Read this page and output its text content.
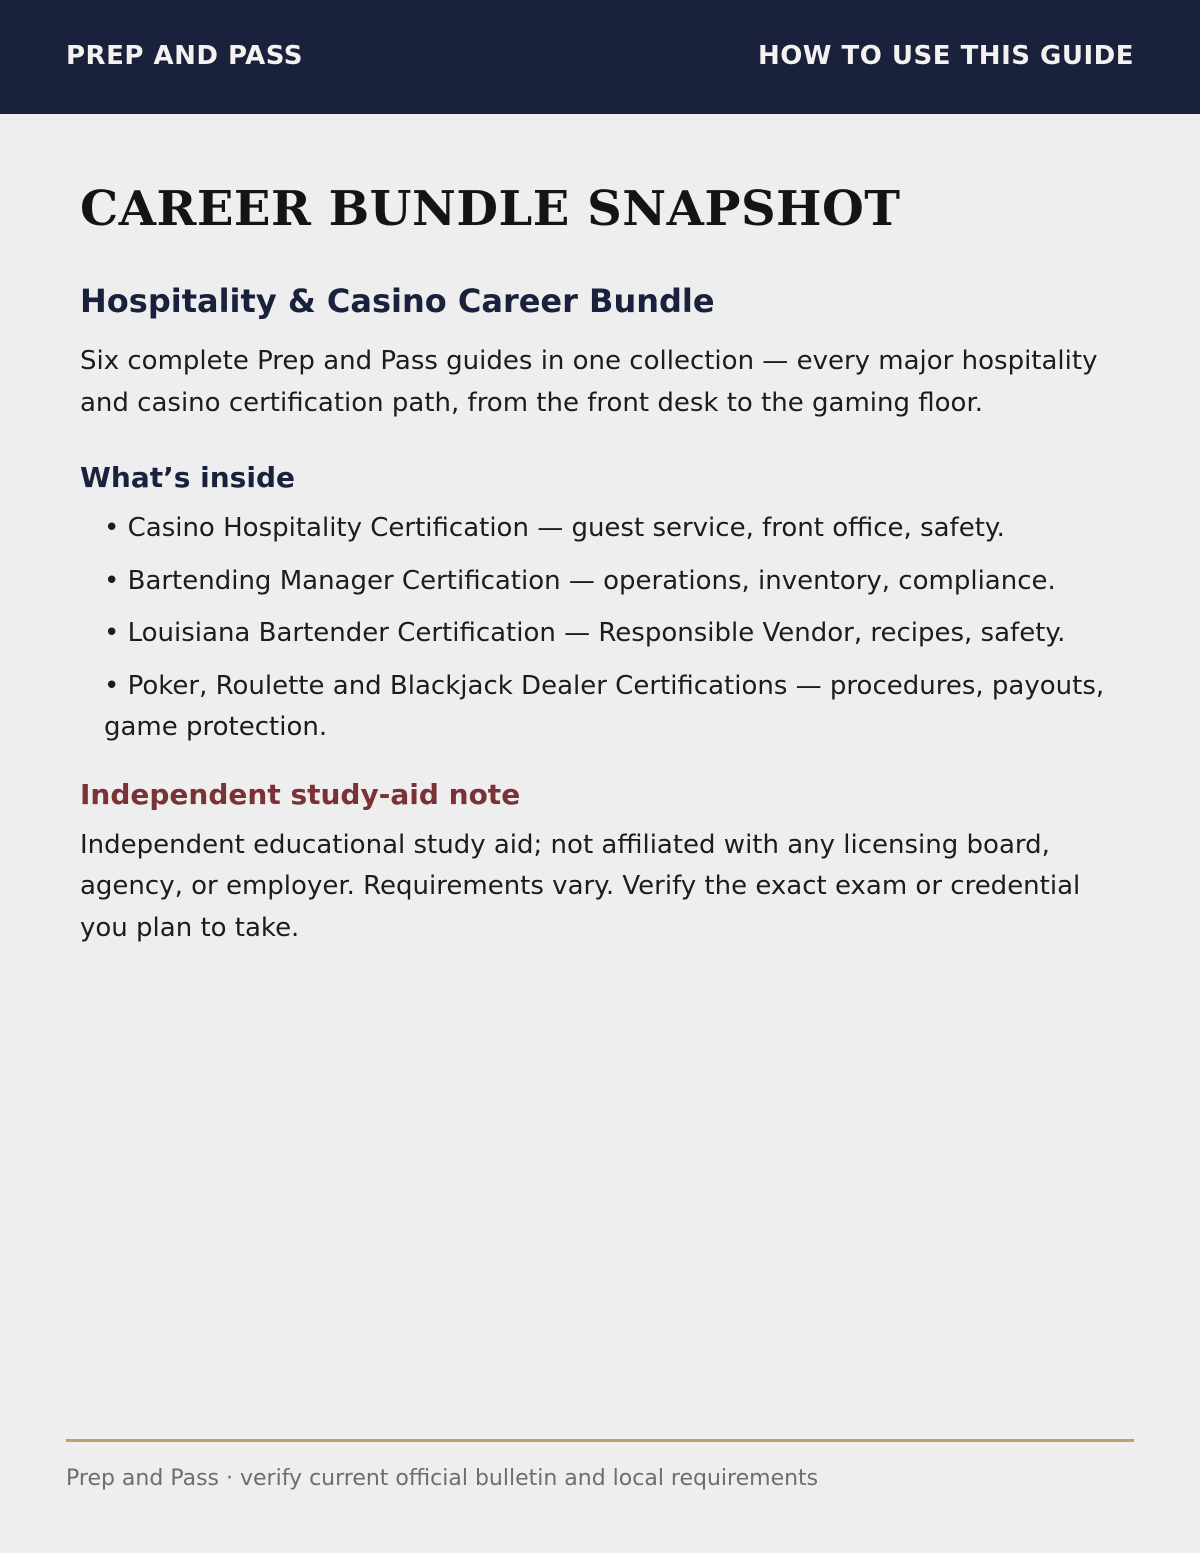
PREP AND PASS	HOW TO USE THIS GUIDE
CAREER BUNDLE SNAPSHOT
Hospitality & Casino Career Bundle

Six complete Prep and Pass guides in one collection — every major hospitality and casino certification path, from the front desk to the gaming floor.

What’s inside
• Casino Hospitality Certification — guest service, front office, safety.
• Bartending Manager Certification — operations, inventory, compliance.
• Louisiana Bartender Certification — Responsible Vendor, recipes, safety.
• Poker, Roulette and Blackjack Dealer Certifications — procedures, payouts, game protection.
Independent study-aid note

Independent educational study aid; not affiliated with any licensing board, agency, or employer. Requirements vary. Verify the exact exam or credential you plan to take.

Prep and Pass · verify current official bulletin and local requirements
